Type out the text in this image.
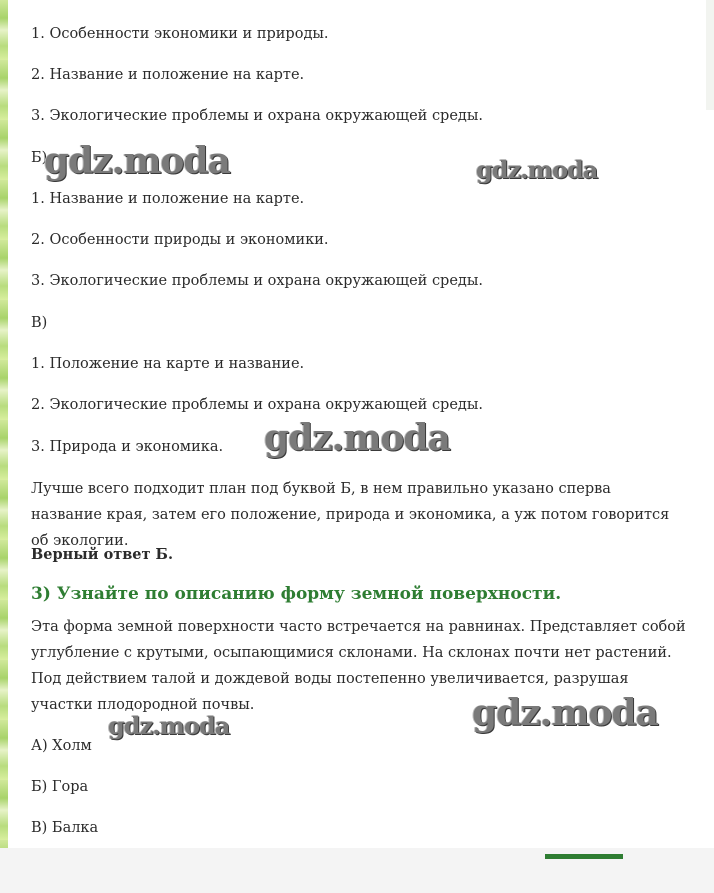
1. Особенности экономики и природы.
2. Название и положение на карте.
3. Экологические проблемы и охрана окружающей среды.
Б)
1. Название и положение на карте.
2. Особенности природы и экономики.
3. Экологические проблемы и охрана окружающей среды.
В)
1. Положение на карте и название.
2. Экологические проблемы и охрана окружающей среды.
3. Природа и экономика.
Лучше всего подходит план под буквой Б, в нем правильно указано сперва название края, затем его положение, природа и экономика, а уж потом говорится об экологии.
Верный ответ Б.
3) Узнайте по описанию форму земной поверхности.
Эта форма земной поверхности часто встречается на равнинах. Представляет собой углубление с крутыми, осыпающимися склонами. На склонах почти нет растений. Под действием талой и дождевой воды постепенно увеличивается, разрушая участки плодородной почвы.
А) Холм
Б) Гора
В) Балка
gdz.moda	gdz.moda
gdz.moda
gdz.moda	gdz.moda
